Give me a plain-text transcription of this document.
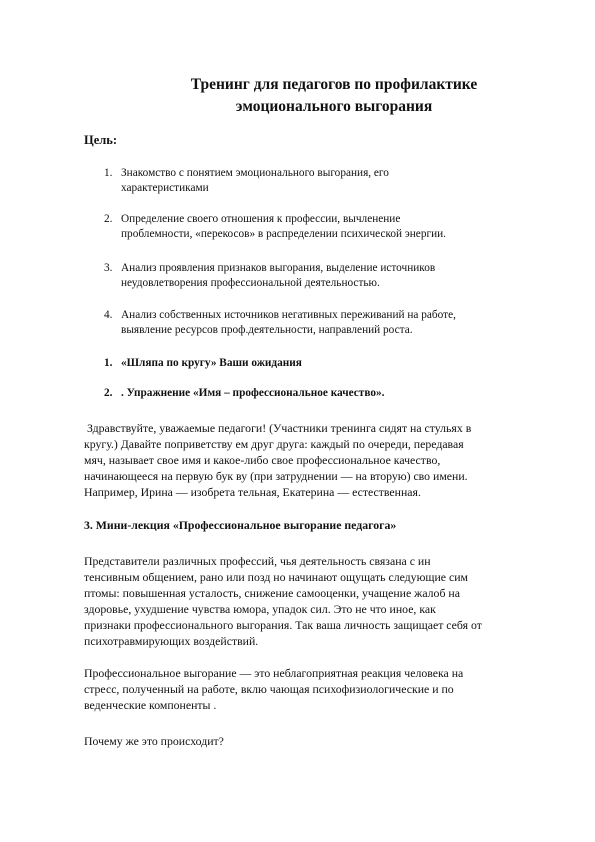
Тренинг для педагогов по профилактике
эмоционального выгорания
Цель:
1. Знакомство с понятием эмоционального выгорания, его
характеристиками
2. Определение своего отношения к профессии, вычленение
проблемности, «перекосов» в распределении психической энергии.
3. Анализ проявления признаков выгорания, выделение источников
неудовлетворения профессиональной деятельностью.
4. Анализ собственных источников негативных переживаний на работе,
выявление ресурсов проф.деятельности, направлений роста.
1. «Шляпа по кругу» Ваши ожидания
2. . Упражнение «Имя – профессиональное качество».
Здравствуйте, уважаемые педагоги! (Участники тренинга сидят на стульях в
кругу.) Давайте поприветству ем друг друга: каждый по очереди, передавая
мяч, называет свое имя и какое-либо свое профессиональное качество,
начинающееся на первую бук ву (при затруднении — на вторую) сво имени.
Например, Ирина — изобрета тельная, Екатерина — естественная.
3. Мини-лекция «Профессиональное выгорание педагога»
Представители различных профессий, чья деятельность связана с ин
тенсивным общением, рано или позд но начинают ощущать следующие сим
птомы: повышенная усталость, снижение самооценки, учащение жалоб на
здоровье, ухудшение чувства юмора, упадок сил. Это не что иное, как
признаки профессионального выгорания. Так ваша личность защищает себя от
психотравмирующих воздействий.
Профессиональное выгорание — это неблагоприятная реакция человека на
стресс, полученный на работе, вклю чающая психофизиологические и по
веденческие компоненты .
Почему же это происходит?
